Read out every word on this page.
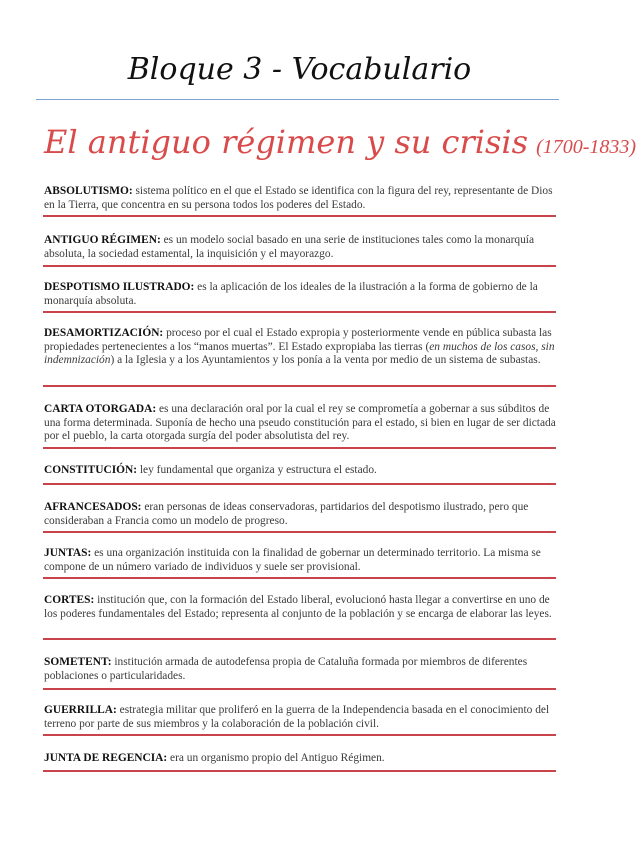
Bloque 3 - Vocabulario
El antiguo régimen y su crisis (1700-1833)
ABSOLUTISMO: sistema político en el que el Estado se identifica con la figura del rey, representante de Dios en la Tierra, que concentra en su persona todos los poderes del Estado.
ANTIGUO RÉGIMEN: es un modelo social basado en una serie de instituciones tales como la monarquía absoluta, la sociedad estamental, la inquisición y el mayorazgo.
DESPOTISMO ILUSTRADO: es la aplicación de los ideales de la ilustración a la forma de gobierno de la monarquía absoluta.
DESAMORTIZACIÓN: proceso por el cual el Estado expropia y posteriormente vende en pública subasta las propiedades pertenecientes a los “manos muertas”. El Estado expropiaba las tierras (en muchos de los casos, sin indemnización) a la Iglesia y a los Ayuntamientos y los ponía a la venta por medio de un sistema de subastas.
CARTA OTORGADA: es una declaración oral por la cual el rey se comprometía a gobernar a sus súbditos de una forma determinada. Suponía de hecho una pseudo constitución para el estado, si bien en lugar de ser dictada por el pueblo, la carta otorgada surgía del poder absolutista del rey.
CONSTITUCIÓN: ley fundamental que organiza y estructura el estado.
AFRANCESADOS: eran personas de ideas conservadoras, partidarios del despotismo ilustrado, pero que consideraban a Francia como un modelo de progreso.
JUNTAS: es una organización instituida con la finalidad de gobernar un determinado territorio. La misma se compone de un número variado de individuos y suele ser provisional.
CORTES: institución que, con la formación del Estado liberal, evolucionó hasta llegar a convertirse en uno de los poderes fundamentales del Estado; representa al conjunto de la población y se encarga de elaborar las leyes.
SOMETENT: institución armada de autodefensa propia de Cataluña formada por miembros de diferentes poblaciones o particularidades.
GUERRILLA: estrategia militar que proliferó en la guerra de la Independencia basada en el conocimiento del terreno por parte de sus miembros y la colaboración de la población civil.
JUNTA DE REGENCIA: era un organismo propio del Antiguo Régimen.
